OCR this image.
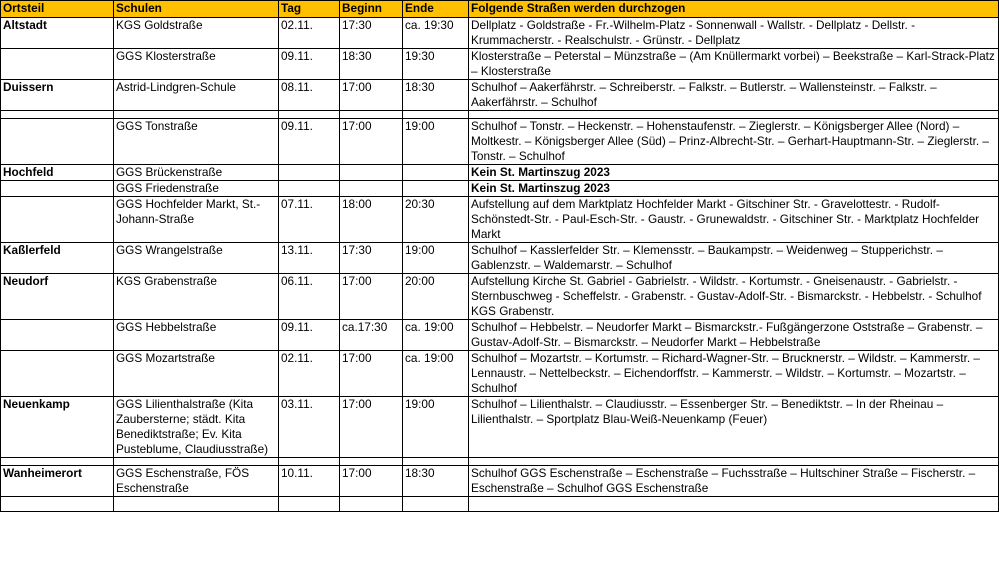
Ortsteil	Schulen	Tag	Beginn	Ende	Folgende Straßen werden durchzogen
Altstadt	KGS Goldstraße	02.11.	17:30	ca. 19:30	Dellplatz - Goldstraße - Fr.-Wilhelm-Platz - Sonnenwall - Wallstr. - Dellplatz - Dellstr. - Krummacherstr. - Realschulstr. - Grünstr. - Dellplatz
	GGS Klosterstraße	09.11.	18:30	19:30	Klosterstraße – Peterstal – Münzstraße – (Am Knüllermarkt vorbei) – Beekstraße – Karl-Strack-Platz – Klosterstraße
Duissern	Astrid-Lindgren-Schule	08.11.	17:00	18:30	Schulhof – Aakerfährstr. – Schreiberstr. – Falkstr. – Butlerstr. – Wallensteinstr. – Falkstr. – Aakerfährstr. – Schulhof

	GGS Tonstraße	09.11.	17:00	19:00	Schulhof – Tonstr. – Heckenstr. – Hohenstaufenstr. – Zieglerstr. – Königsberger Allee (Nord) – Moltkestr. – Königsberger Allee (Süd) – Prinz-Albrecht-Str. – Gerhart-Hauptmann-Str. – Zieglerstr. – Tonstr. – Schulhof
Hochfeld	GGS Brückenstraße				Kein St. Martinszug 2023
	GGS Friedenstraße				Kein St. Martinszug 2023
	GGS Hochfelder Markt, St.-Johann-Straße	07.11.	18:00	20:30	Aufstellung auf dem Marktplatz Hochfelder Markt - Gitschiner Str. - Gravelottestr. - Rudolf-Schönstedt-Str. - Paul-Esch-Str. - Gaustr. - Grunewaldstr. - Gitschiner Str. - Marktplatz Hochfelder Markt
Kaßlerfeld	GGS Wrangelstraße	13.11.	17:30	19:00	Schulhof – Kasslerfelder Str. – Klemensstr. – Baukampstr. – Weidenweg – Stupperichstr. – Gablenzstr. – Waldemarstr. – Schulhof
Neudorf	KGS Grabenstraße	06.11.	17:00	20:00	Aufstellung Kirche St. Gabriel - Gabrielstr. - Wildstr. - Kortumstr. - Gneisenaustr. - Gabrielstr. - Sternbuschweg - Scheffelstr. - Grabenstr. - Gustav-Adolf-Str. - Bismarckstr. - Hebbelstr. - Schulhof KGS Grabenstr.
	GGS Hebbelstraße	09.11.	ca.17:30	ca. 19:00	Schulhof – Hebbelstr. – Neudorfer Markt – Bismarckstr.- Fußgängerzone Oststraße – Grabenstr. – Gustav-Adolf-Str. – Bismarckstr. – Neudorfer Markt – Hebbelstraße
	GGS Mozartstraße	02.11.	17:00	ca. 19:00	Schulhof – Mozartstr. – Kortumstr. – Richard-Wagner-Str. – Brucknerstr. – Wildstr. – Kammerstr. – Lennaustr. – Nettelbeckstr. – Eichendorffstr. – Kammerstr. – Wildstr. – Kortumstr. – Mozartstr. – Schulhof
Neuenkamp	GGS Lilienthalstraße (Kita Zaubersterne; städt. Kita Benediktstraße; Ev. Kita Pusteblume, Claudiusstraße)	03.11.	17:00	19:00	Schulhof – Lilienthalstr. – Claudiusstr. – Essenberger Str. – Benediktstr. – In der Rheinau – Lilienthalstr. – Sportplatz Blau-Weiß-Neuenkamp (Feuer)

Wanheimerort	GGS Eschenstraße, FÖS Eschenstraße	10.11.	17:00	18:30	Schulhof GGS Eschenstraße – Eschenstraße – Fuchsstraße – Hultschiner Straße – Fischerstr. – Eschenstraße – Schulhof GGS Eschenstraße
